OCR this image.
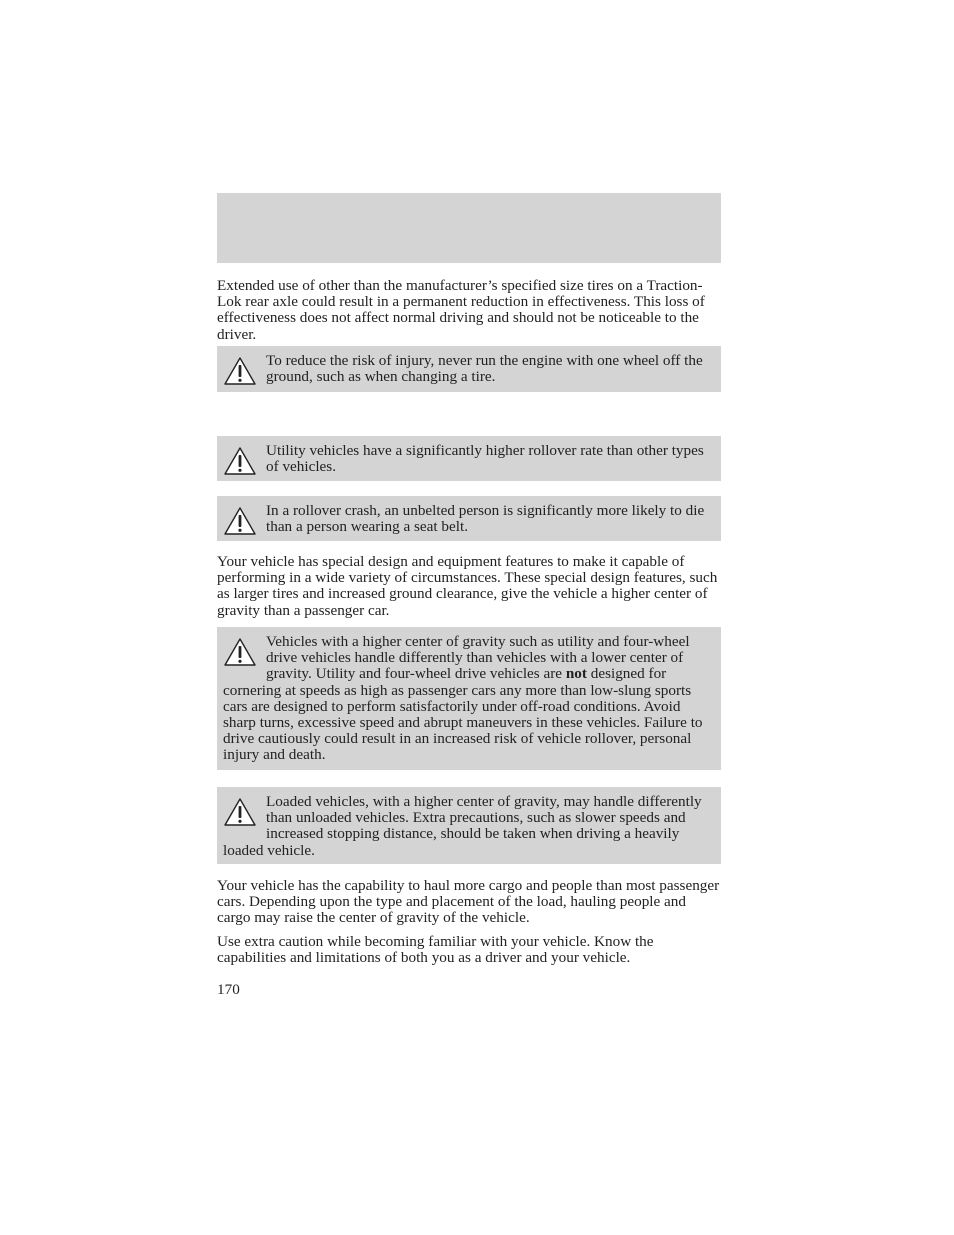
Extended use of other than the manufacturer’s specified size tires on a Traction-Lok rear axle could result in a permanent reduction in effectiveness. This loss of effectiveness does not affect normal driving and should not be noticeable to the driver.

To reduce the risk of injury, never run the engine with one wheel off the ground, such as when changing a tire.
Utility vehicles have a significantly higher rollover rate than other types of vehicles.
In a rollover crash, an unbelted person is significantly more likely to die than a person wearing a seat belt.

Your vehicle has special design and equipment features to make it capable of performing in a wide variety of circumstances. These special design features, such as larger tires and increased ground clearance, give the vehicle a higher center of gravity than a passenger car.

Vehicles with a higher center of gravity such as utility and four-wheel drive vehicles handle differently than vehicles with a lower center of gravity. Utility and four-wheel drive vehicles are not designed for cornering at speeds as high as passenger cars any more than low-slung sports cars are designed to perform satisfactorily under off-road conditions. Avoid sharp turns, excessive speed and abrupt maneuvers in these vehicles. Failure to drive cautiously could result in an increased risk of vehicle rollover, personal injury and death.
Loaded vehicles, with a higher center of gravity, may handle differently than unloaded vehicles. Extra precautions, such as slower speeds and increased stopping distance, should be taken when driving a heavily loaded vehicle.

Your vehicle has the capability to haul more cargo and people than most passenger cars. Depending upon the type and placement of the load, hauling people and cargo may raise the center of gravity of the vehicle.

Use extra caution while becoming familiar with your vehicle. Know the capabilities and limitations of both you as a driver and your vehicle.

170
